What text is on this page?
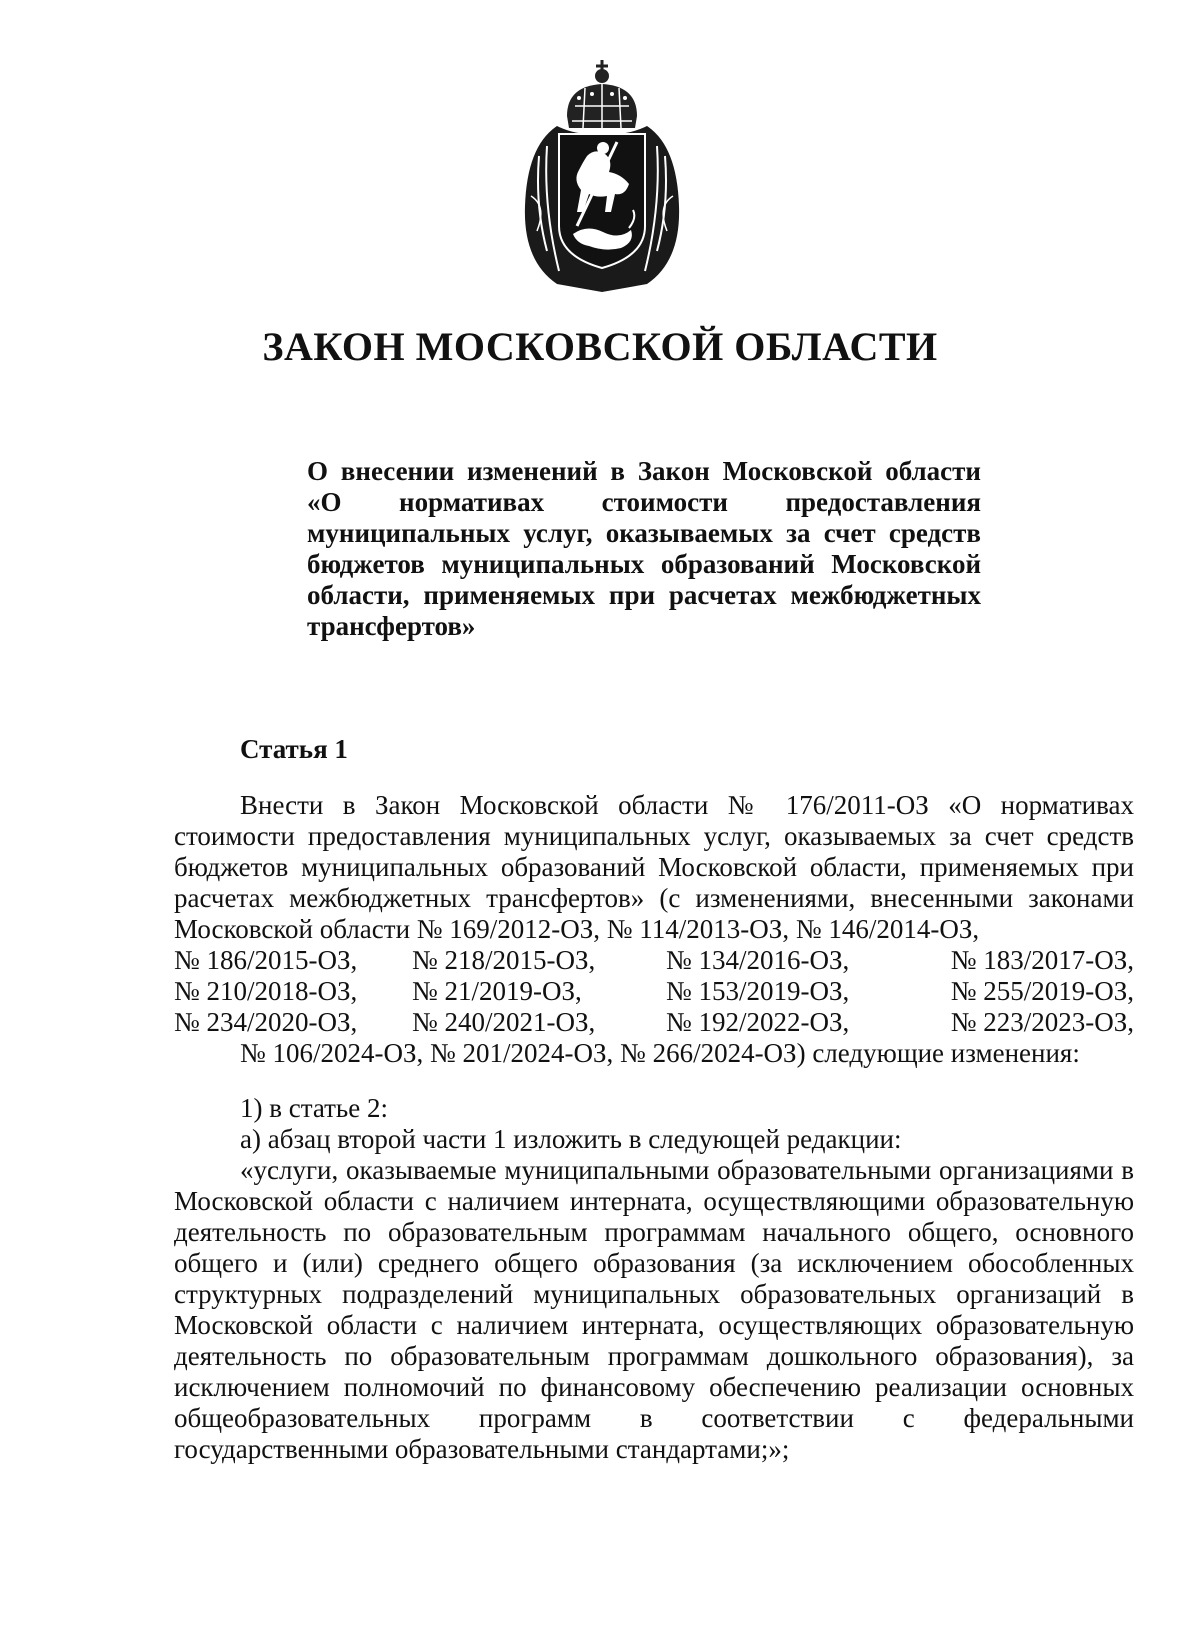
ЗАКОН МОСКОВСКОЙ ОБЛАСТИ

О внесении изменений в Закон Московской области «О нормативах стоимости предоставления муниципальных услуг, оказываемых за счет средств бюджетов муниципальных образований Московской области, применяемых при расчетах межбюджетных трансфертов»

Статья 1

Внести в Закон Московской области № 176/2011-ОЗ «О нормативах стоимости предоставления муниципальных услуг, оказываемых за счет средств бюджетов муниципальных образований Московской области, применяемых при расчетах межбюджетных трансфертов» (с изменениями, внесенными законами Московской области № 169/2012-ОЗ, № 114/2013-ОЗ, № 146/2014-ОЗ,

№ 186/2015-ОЗ,	№ 218/2015-ОЗ,	№ 134/2016-ОЗ,	№ 183/2017-ОЗ,
№ 210/2018-ОЗ,	№ 21/2019-ОЗ,	№ 153/2019-ОЗ,	№ 255/2019-ОЗ,
№ 234/2020-ОЗ,	№ 240/2021-ОЗ,	№ 192/2022-ОЗ,	№ 223/2023-ОЗ,

№ 106/2024-ОЗ, № 201/2024-ОЗ, № 266/2024-ОЗ) следующие изменения:

1) в статье 2:

а) абзац второй части 1 изложить в следующей редакции:

«услуги, оказываемые муниципальными образовательными организациями в Московской области с наличием интерната, осуществляющими образовательную деятельность по образовательным программам начального общего, основного общего и (или) среднего общего образования (за исключением обособленных структурных подразделений муниципальных образовательных организаций в Московской области с наличием интерната, осуществляющих образовательную деятельность по образовательным программам дошкольного образования), за исключением полномочий по финансовому обеспечению реализации основных общеобразовательных программ в соответствии с федеральными государственными образовательными стандартами;»;
